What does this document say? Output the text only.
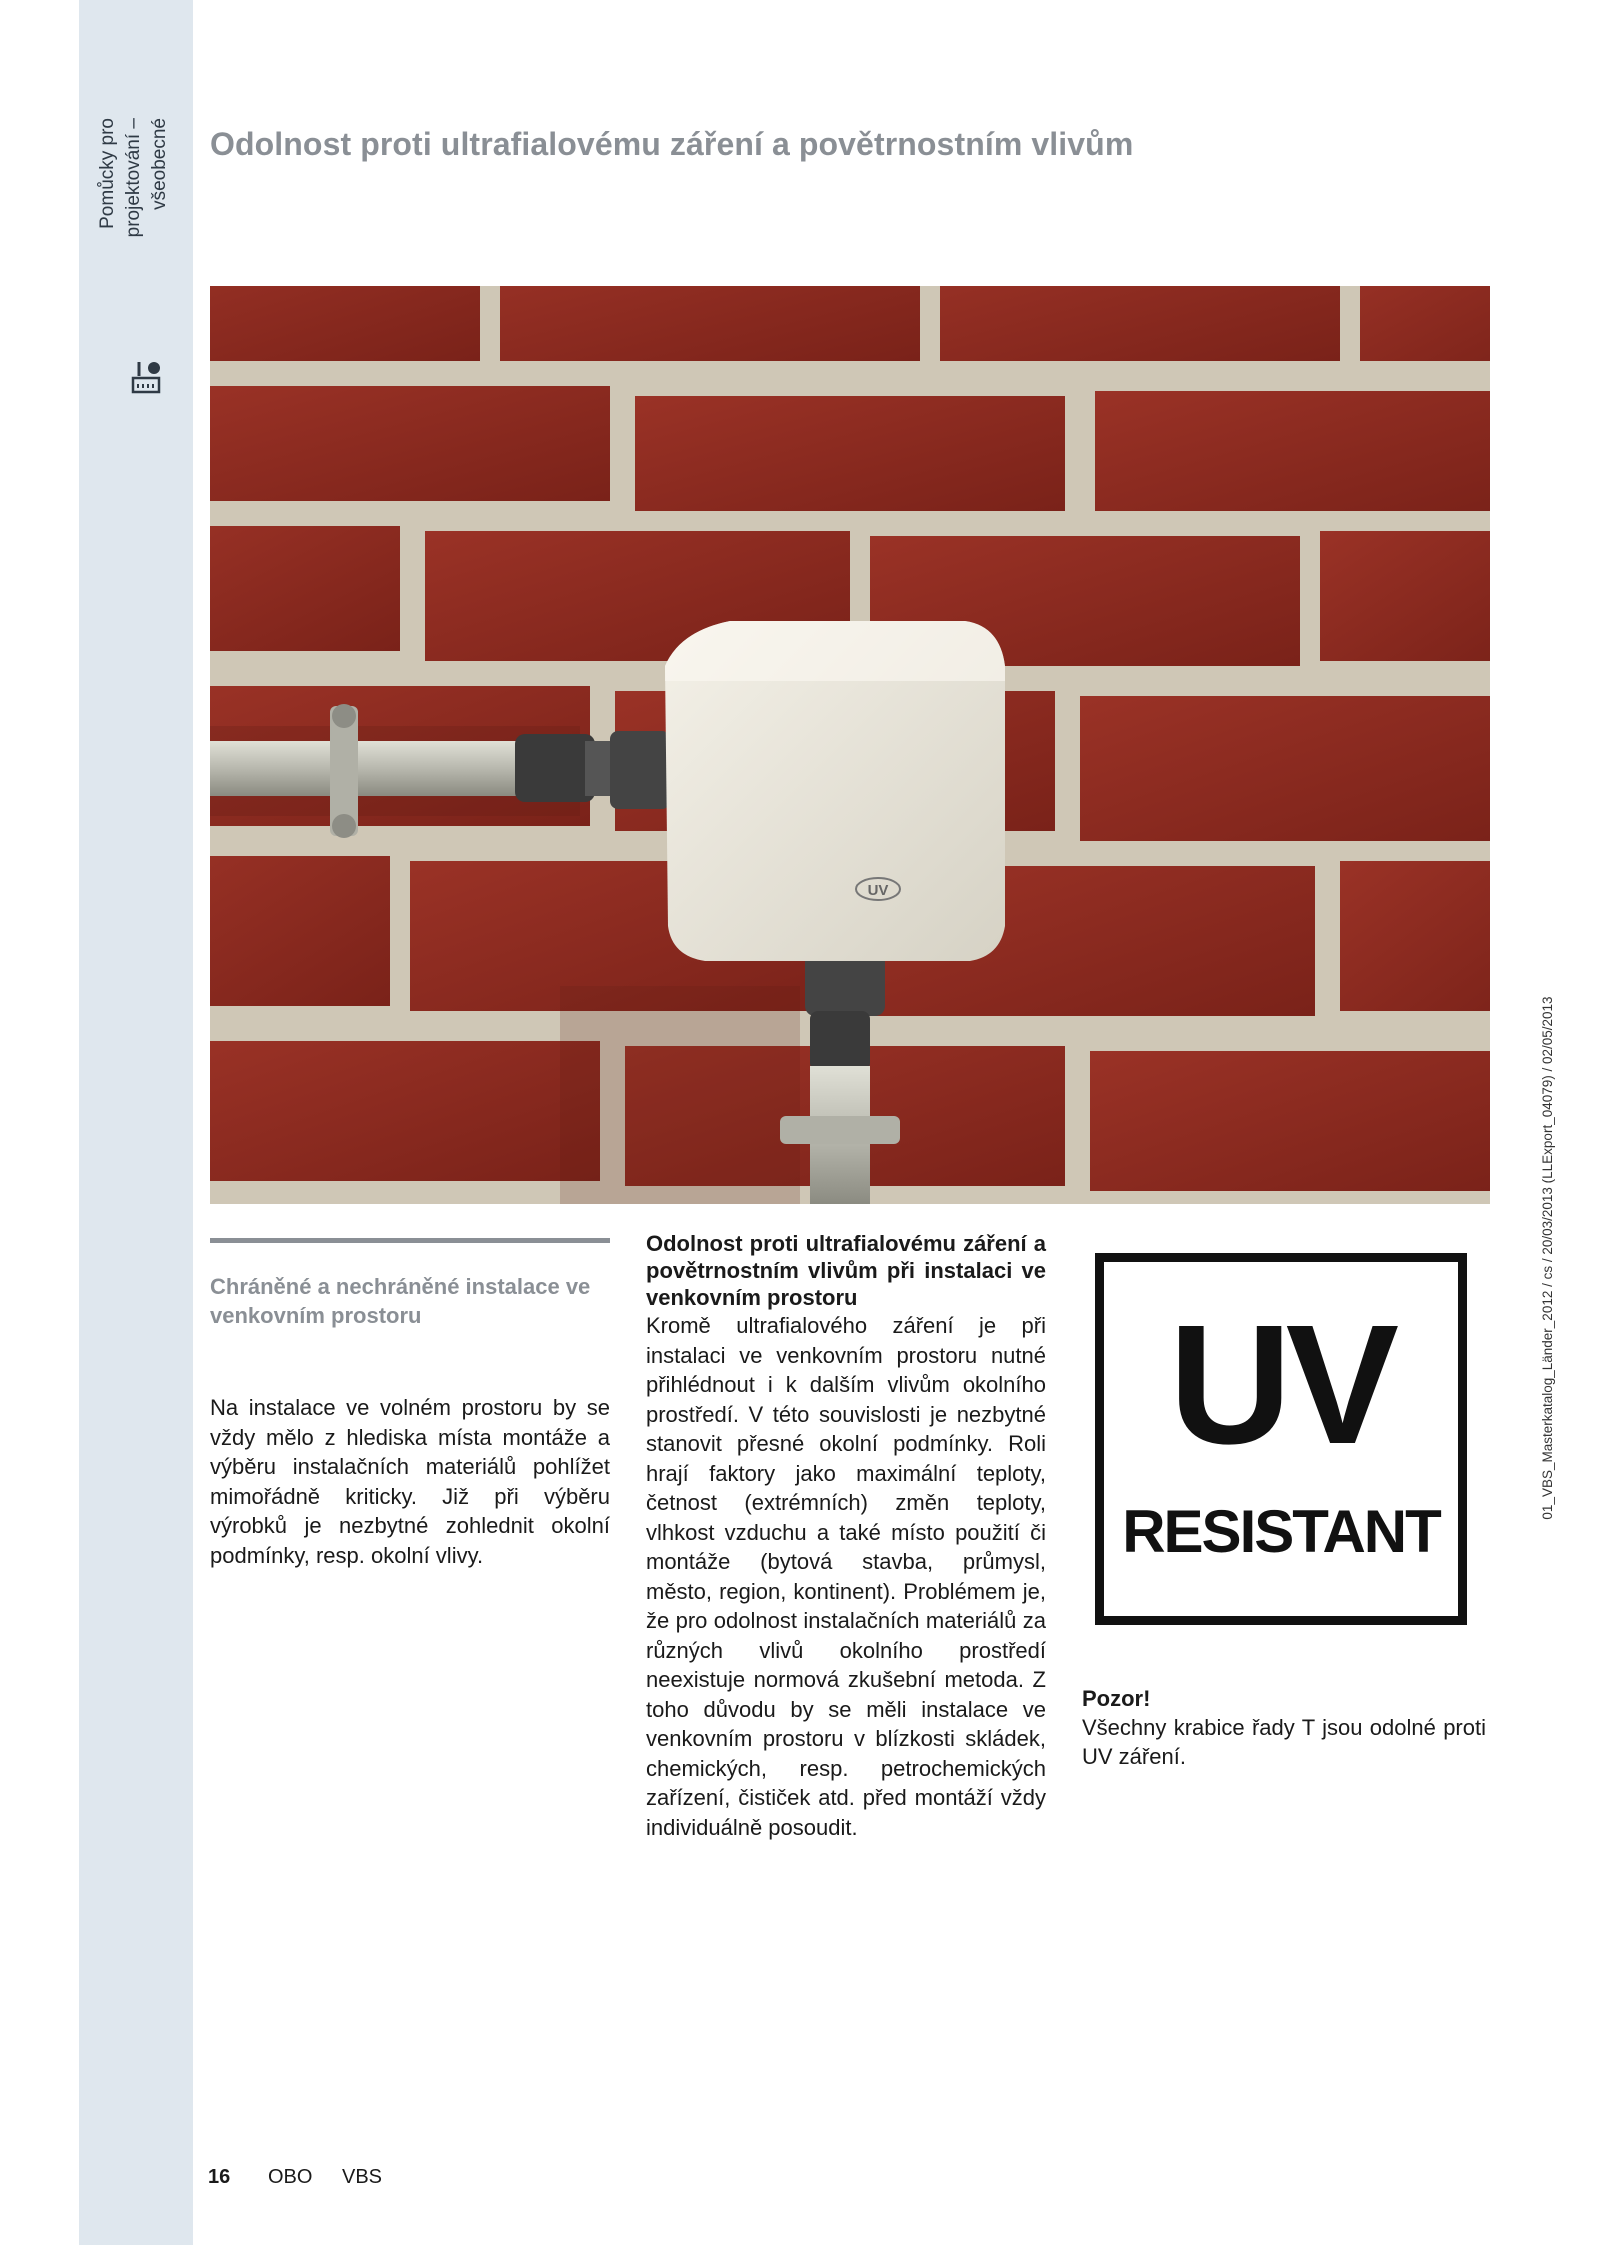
Pomůcky pro projektování – všeobecné Odolnost proti ultrafialovému záření a povětrnostním vlivům
UV
Chráněné a nechráněné instalace ve venkovním prostoru

Na instalace ve volném prostoru by se vždy mělo z hlediska místa montáže a výběru instalačních materiálů pohlížet mimořádně kriticky. Již při výběru výrobků je nezbytné zohlednit okolní podmínky, resp. okolní vlivy.

Odolnost proti ultrafialovému záření a povětrnostním vlivům při instalaci ve venkovním prostoru

Kromě ultrafialového záření je při instalaci ve venkovním prostoru nutné přihlédnout i k dalším vlivům okolního prostředí. V této souvislosti je nezbytné stanovit přesné okolní podmínky. Roli hrají faktory jako maximální teploty, četnost (extrémních) změn teploty, vlhkost vzduchu a také místo použití či montáže (bytová stavba, průmysl, město, region, kontinent). Problémem je, že pro odolnost instalačních materiálů za různých vlivů okolního prostředí neexistuje normová zkušební metoda. Z toho důvodu by se měli instalace ve venkovním prostoru v blízkosti skládek, chemických, resp. petrochemických zařízení, čističek atd. před montáží vždy individuálně posoudit.

UV
RESISTANT
Pozor!

Všechny krabice řady T jsou odolné proti UV záření.

16 OBO VBS
01_VBS_Masterkatalog_Länder_2012 / cs / 20/03/2013 (LLExport_04079) / 02/05/2013
